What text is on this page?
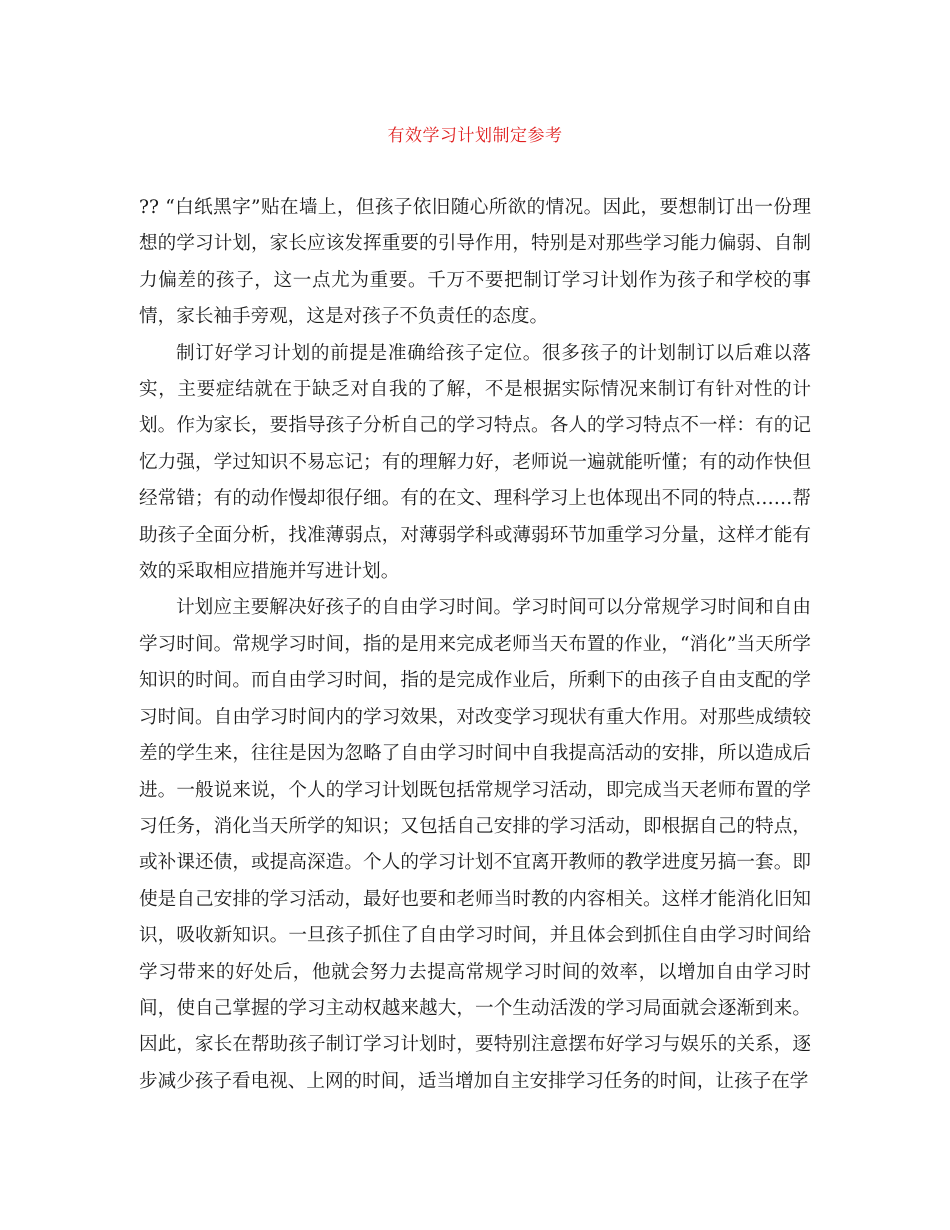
有效学习计划制定参考

?? “白纸黑字”贴在墙上，但孩子依旧随心所欲的情况。因此，要想制订出一份理想的学习计划，家长应该发挥重要的引导作用，特别是对那些学习能力偏弱、自制力偏差的孩子，这一点尤为重要。千万不要把制订学习计划作为孩子和学校的事情，家长袖手旁观，这是对孩子不负责任的态度。

制订好学习计划的前提是准确给孩子定位。很多孩子的计划制订以后难以落实，主要症结就在于缺乏对自我的了解，不是根据实际情况来制订有针对性的计划。作为家长，要指导孩子分析自己的学习特点。各人的学习特点不一样：有的记忆力强，学过知识不易忘记；有的理解力好，老师说一遍就能听懂；有的动作快但经常错；有的动作慢却很仔细。有的在文、理科学习上也体现出不同的特点……帮助孩子全面分析，找准薄弱点，对薄弱学科或薄弱环节加重学习分量，这样才能有效的采取相应措施并写进计划。

计划应主要解决好孩子的自由学习时间。学习时间可以分常规学习时间和自由学习时间。常规学习时间，指的是用来完成老师当天布置的作业，“消化”当天所学知识的时间。而自由学习时间，指的是完成作业后，所剩下的由孩子自由支配的学习时间。自由学习时间内的学习效果，对改变学习现状有重大作用。对那些成绩较差的学生来，往往是因为忽略了自由学习时间中自我提高活动的安排，所以造成后进。一般说来说，个人的学习计划既包括常规学习活动，即完成当天老师布置的学习任务，消化当天所学的知识；又包括自己安排的学习活动，即根据自己的特点，或补课还债，或提高深造。个人的学习计划不宜离开教师的教学进度另搞一套。即使是自己安排的学习活动，最好也要和老师当时教的内容相关。这样才能消化旧知识，吸收新知识。一旦孩子抓住了自由学习时间，并且体会到抓住自由学习时间给学习带来的好处后，他就会努力去提高常规学习时间的效率，以增加自由学习时间，使自己掌握的学习主动权越来越大，一个生动活泼的学习局面就会逐渐到来。因此，家长在帮助孩子制订学习计划时，要特别注意摆布好学习与娱乐的关系，逐步减少孩子看电视、上网的时间，适当增加自主安排学习任务的时间，让孩子在学
